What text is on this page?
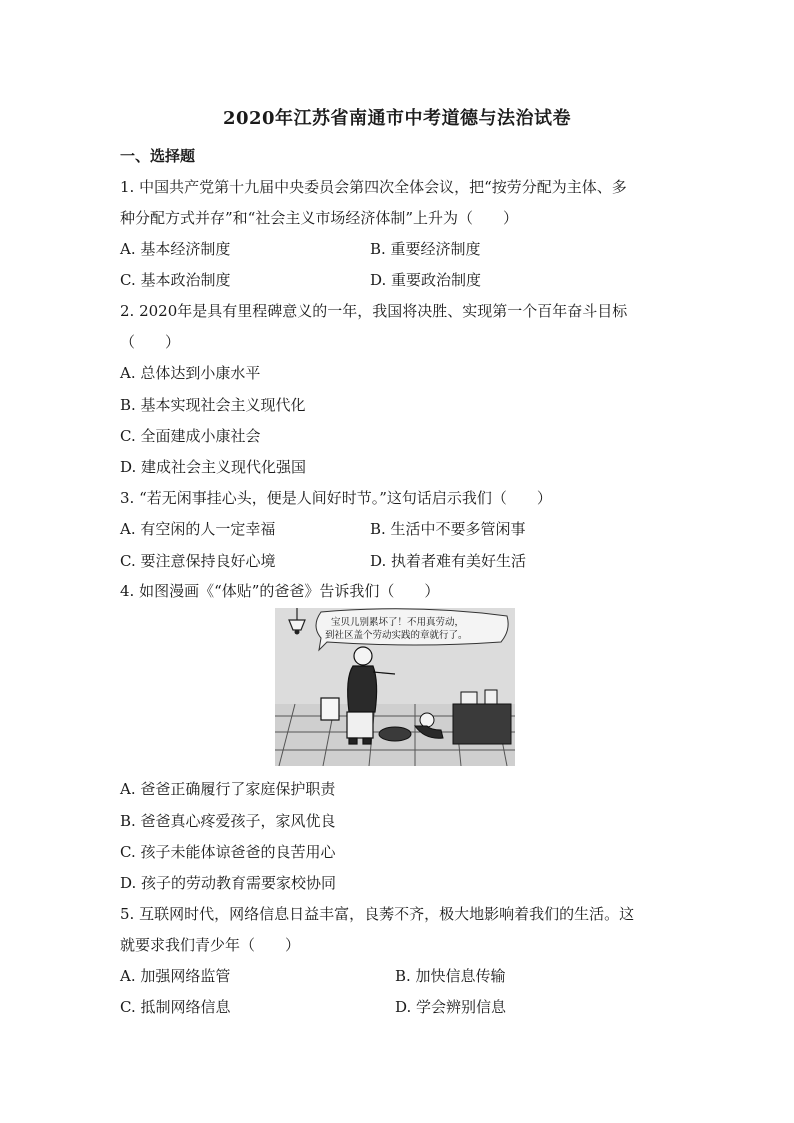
2020年江苏省南通市中考道德与法治试卷
一、选择题
1. 中国共产党第十九届中央委员会第四次全体会议，把“按劳分配为主体、多
种分配方式并存”和“社会主义市场经济体制”上升为（　　）
A. 基本经济制度	B. 重要经济制度
C. 基本政治制度	D. 重要政治制度
2. 2020年是具有里程碑意义的一年，我国将决胜、实现第一个百年奋斗目标
（　　）
A. 总体达到小康水平
B. 基本实现社会主义现代化
C. 全面建成小康社会
D. 建成社会主义现代化强国
3. “若无闲事挂心头，便是人间好时节。”这句话启示我们（　　）
A. 有空闲的人一定幸福	B. 生活中不要多管闲事
C. 要注意保持良好心境	D. 执着者难有美好生活
4. 如图漫画《“体贴”的爸爸》告诉我们（　　）
宝贝儿别累坏了！不用真劳动，
到社区盖个劳动实践的章就行了。
A. 爸爸正确履行了家庭保护职责
B. 爸爸真心疼爱孩子，家风优良
C. 孩子未能体谅爸爸的良苦用心
D. 孩子的劳动教育需要家校协同
5. 互联网时代，网络信息日益丰富，良莠不齐，极大地影响着我们的生活。这
就要求我们青少年（　　）
A. 加强网络监管	B. 加快信息传输
C. 抵制网络信息	D. 学会辨别信息
